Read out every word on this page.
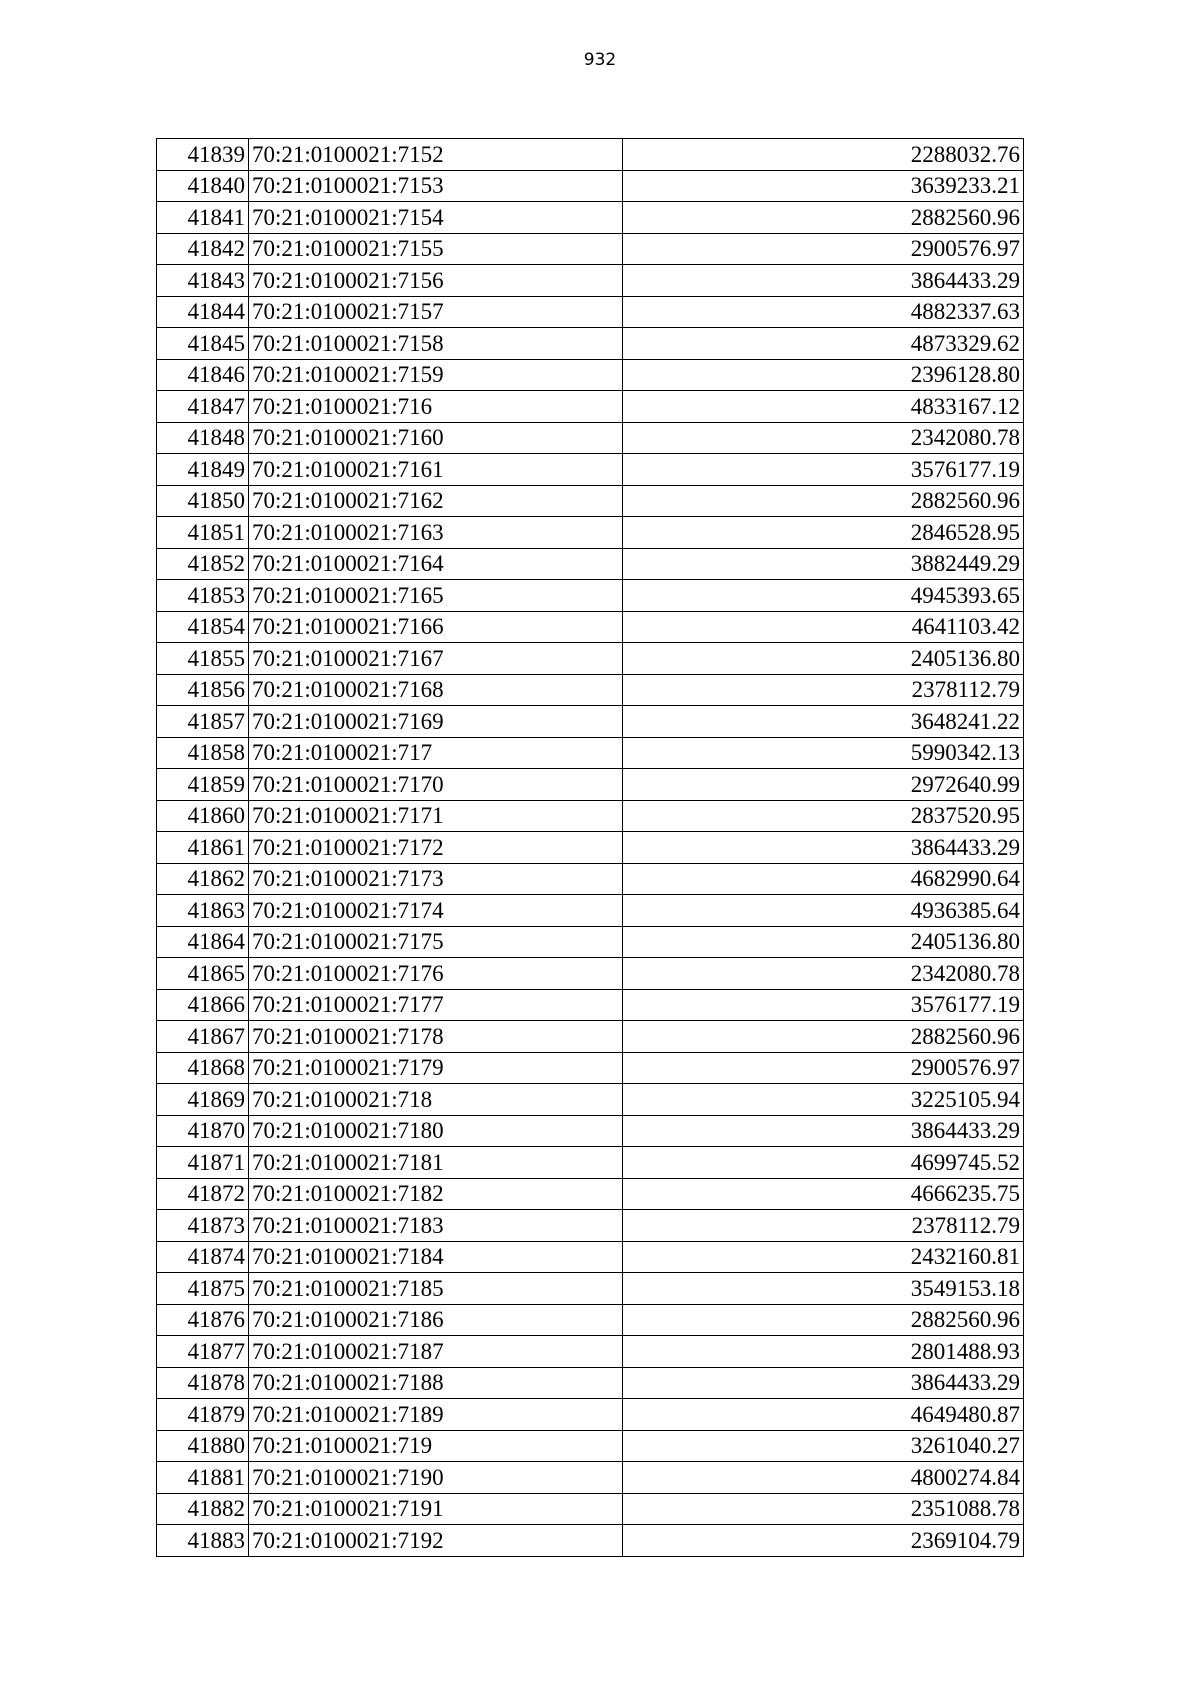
932
41839	70:21:0100021:7152	2288032.76
41840	70:21:0100021:7153	3639233.21
41841	70:21:0100021:7154	2882560.96
41842	70:21:0100021:7155	2900576.97
41843	70:21:0100021:7156	3864433.29
41844	70:21:0100021:7157	4882337.63
41845	70:21:0100021:7158	4873329.62
41846	70:21:0100021:7159	2396128.80
41847	70:21:0100021:716	4833167.12
41848	70:21:0100021:7160	2342080.78
41849	70:21:0100021:7161	3576177.19
41850	70:21:0100021:7162	2882560.96
41851	70:21:0100021:7163	2846528.95
41852	70:21:0100021:7164	3882449.29
41853	70:21:0100021:7165	4945393.65
41854	70:21:0100021:7166	4641103.42
41855	70:21:0100021:7167	2405136.80
41856	70:21:0100021:7168	2378112.79
41857	70:21:0100021:7169	3648241.22
41858	70:21:0100021:717	5990342.13
41859	70:21:0100021:7170	2972640.99
41860	70:21:0100021:7171	2837520.95
41861	70:21:0100021:7172	3864433.29
41862	70:21:0100021:7173	4682990.64
41863	70:21:0100021:7174	4936385.64
41864	70:21:0100021:7175	2405136.80
41865	70:21:0100021:7176	2342080.78
41866	70:21:0100021:7177	3576177.19
41867	70:21:0100021:7178	2882560.96
41868	70:21:0100021:7179	2900576.97
41869	70:21:0100021:718	3225105.94
41870	70:21:0100021:7180	3864433.29
41871	70:21:0100021:7181	4699745.52
41872	70:21:0100021:7182	4666235.75
41873	70:21:0100021:7183	2378112.79
41874	70:21:0100021:7184	2432160.81
41875	70:21:0100021:7185	3549153.18
41876	70:21:0100021:7186	2882560.96
41877	70:21:0100021:7187	2801488.93
41878	70:21:0100021:7188	3864433.29
41879	70:21:0100021:7189	4649480.87
41880	70:21:0100021:719	3261040.27
41881	70:21:0100021:7190	4800274.84
41882	70:21:0100021:7191	2351088.78
41883	70:21:0100021:7192	2369104.79
